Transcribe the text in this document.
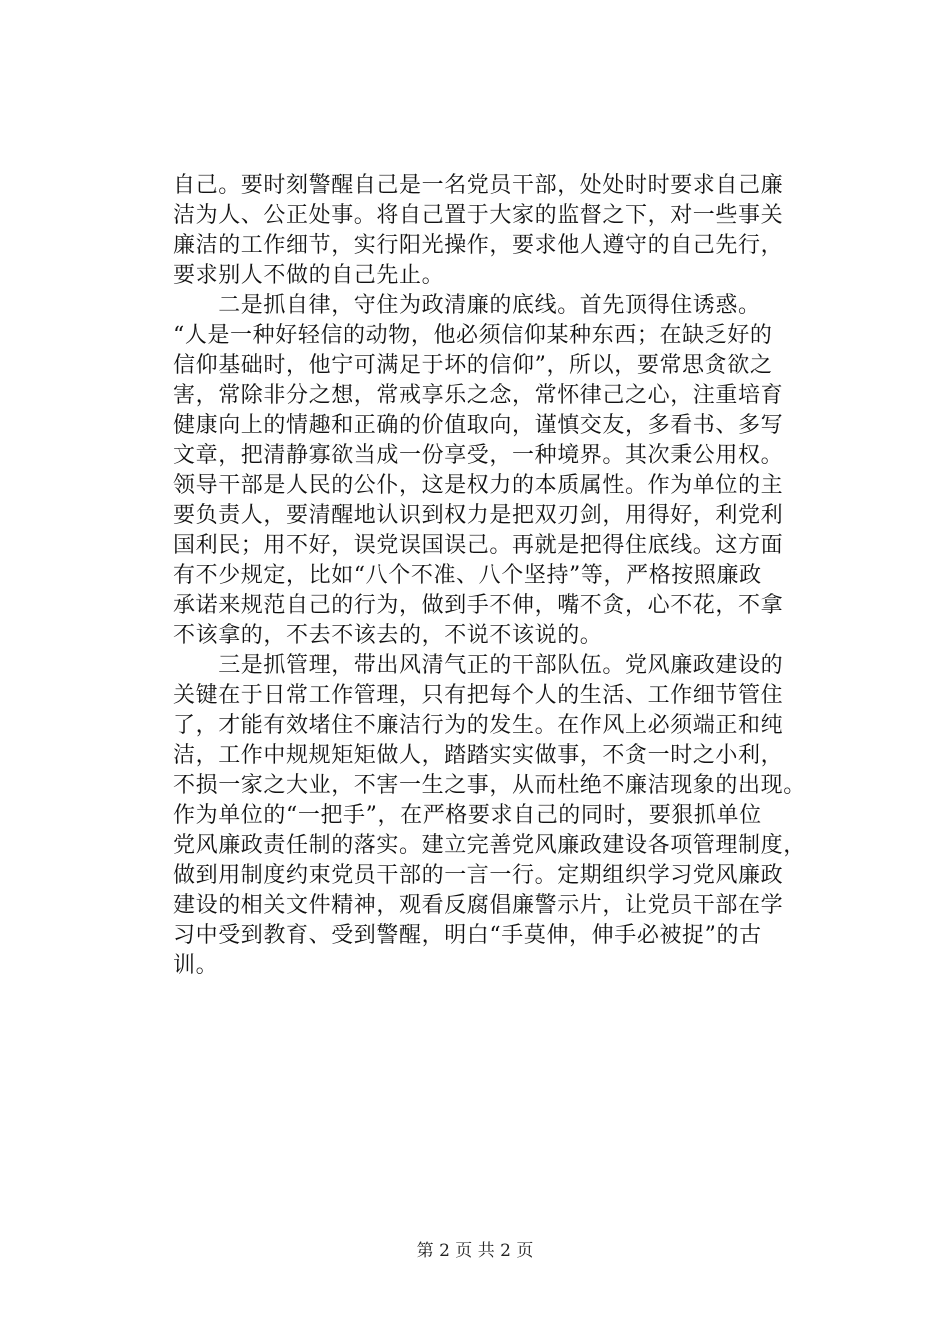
自己。要时刻警醒自己是一名党员干部，处处时时要求自己廉
洁为人、公正处事。将自己置于大家的监督之下，对一些事关
廉洁的工作细节，实行阳光操作，要求他人遵守的自己先行，
要求别人不做的自己先止。
　　二是抓自律，守住为政清廉的底线。首先顶得住诱惑。
“人是一种好轻信的动物，他必须信仰某种东西；在缺乏好的
信仰基础时，他宁可满足于坏的信仰”，所以，要常思贪欲之
害，常除非分之想，常戒享乐之念，常怀律己之心，注重培育
健康向上的情趣和正确的价值取向，谨慎交友，多看书、多写
文章，把清静寡欲当成一份享受，一种境界。其次秉公用权。
领导干部是人民的公仆，这是权力的本质属性。作为单位的主
要负责人，要清醒地认识到权力是把双刃剑，用得好，利党利
国利民；用不好，误党误国误己。再就是把得住底线。这方面
有不少规定，比如“八个不准、八个坚持”等，严格按照廉政
承诺来规范自己的行为，做到手不伸，嘴不贪，心不花，不拿
不该拿的，不去不该去的，不说不该说的。
　　三是抓管理，带出风清气正的干部队伍。党风廉政建设的
关键在于日常工作管理，只有把每个人的生活、工作细节管住
了，才能有效堵住不廉洁行为的发生。在作风上必须端正和纯
洁，工作中规规矩矩做人，踏踏实实做事，不贪一时之小利，
不损一家之大业，不害一生之事，从而杜绝不廉洁现象的出现。
作为单位的“一把手”，在严格要求自己的同时，要狠抓单位
党风廉政责任制的落实。建立完善党风廉政建设各项管理制度，
做到用制度约束党员干部的一言一行。定期组织学习党风廉政
建设的相关文件精神，观看反腐倡廉警示片，让党员干部在学
习中受到教育、受到警醒，明白“手莫伸，伸手必被捉”的古
训。
第 2 页 共 2 页
